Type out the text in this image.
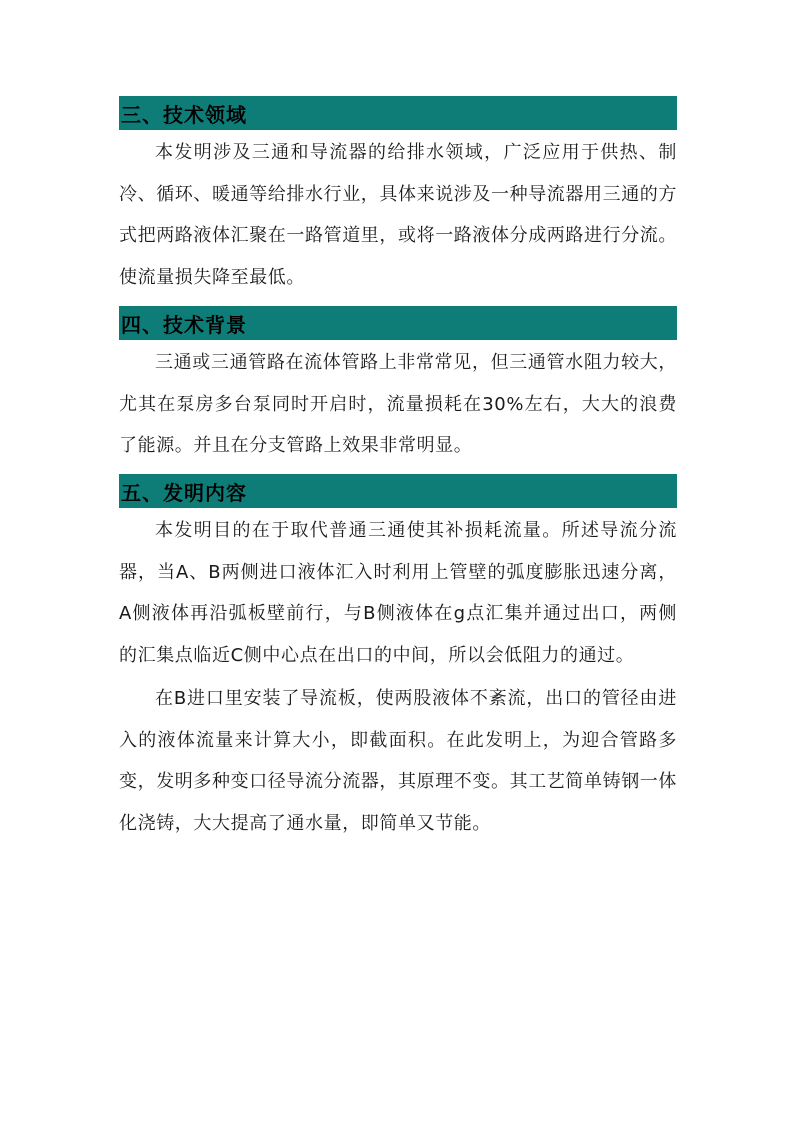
三、技术领域

本发明涉及三通和导流器的给排水领域，广泛应用于供热、制冷、循环、暖通等给排水行业，具体来说涉及一种导流器用三通的方式把两路液体汇聚在一路管道里，或将一路液体分成两路进行分流。使流量损失降至最低。

四、技术背景

三通或三通管路在流体管路上非常常见，但三通管水阻力较大，尤其在泵房多台泵同时开启时，流量损耗在30%左右，大大的浪费了能源。并且在分支管路上效果非常明显。

五、发明内容

本发明目的在于取代普通三通使其补损耗流量。所述导流分流器，当A、B两侧进口液体汇入时利用上管壁的弧度膨胀迅速分离，A侧液体再沿弧板壁前行，与B侧液体在g点汇集并通过出口，两侧的汇集点临近C侧中心点在出口的中间，所以会低阻力的通过。

在B进口里安装了导流板，使两股液体不紊流，出口的管径由进入的液体流量来计算大小，即截面积。在此发明上，为迎合管路多变，发明多种变口径导流分流器，其原理不变。其工艺简单铸钢一体化浇铸，大大提高了通水量，即简单又节能。
